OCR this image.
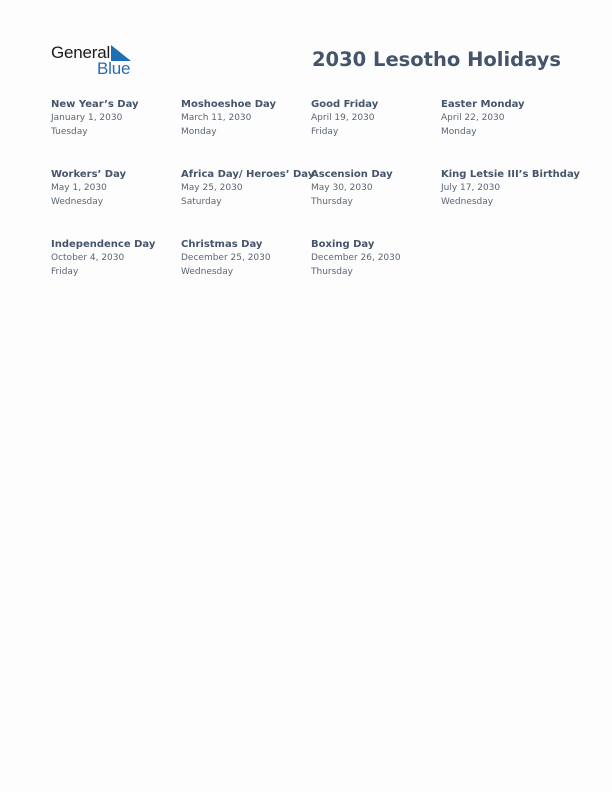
General
Blue	2030 Lesotho Holidays
New Year’s Day
January 1, 2030
Tuesday
Moshoeshoe Day
March 11, 2030
Monday
Good Friday
April 19, 2030
Friday
Easter Monday
April 22, 2030
Monday
Workers’ Day
May 1, 2030
Wednesday
Africa Day/ Heroes’ Day
May 25, 2030
Saturday
Ascension Day
May 30, 2030
Thursday
King Letsie III’s Birthday
July 17, 2030
Wednesday
Independence Day
October 4, 2030
Friday
Christmas Day
December 25, 2030
Wednesday
Boxing Day
December 26, 2030
Thursday
